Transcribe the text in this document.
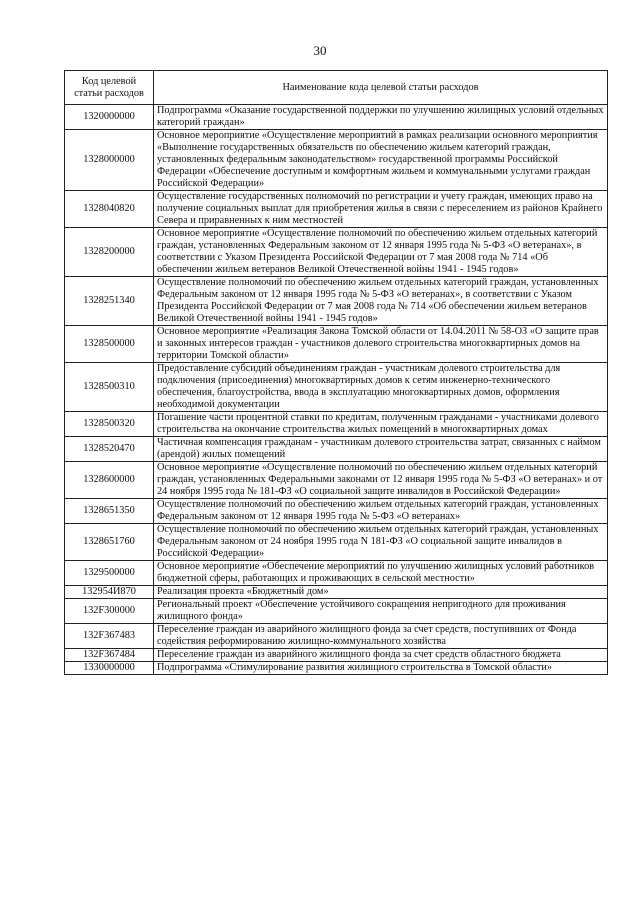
30
Код целевой статьи расходов	Наименование кода целевой статьи расходов
1320000000	Подпрограмма «Оказание государственной поддержки по улучшению жилищных условий отдельных категорий граждан»
1328000000	Основное мероприятие «Осуществление мероприятий в рамках реализации основного мероприятия «Выполнение государственных обязательств по обеспечению жильем категорий граждан, установленных федеральным законодательством» государственной программы Российской Федерации «Обеспечение доступным и комфортным жильем и коммунальными услугами граждан Российской Федерации»
1328040820	Осуществление государственных полномочий по регистрации и учету граждан, имеющих право на получение социальных выплат для приобретения жилья в связи с переселением из районов Крайнего Севера и приравненных к ним местностей
1328200000	Основное мероприятие «Осуществление полномочий по обеспечению жильем отдельных категорий граждан, установленных Федеральным законом от 12 января 1995 года № 5-ФЗ «О ветеранах», в соответствии с Указом Президента Российской Федерации от 7 мая 2008 года № 714 «Об обеспечении жильем ветеранов Великой Отечественной войны 1941 - 1945 годов»
1328251340	Осуществление полномочий по обеспечению жильем отдельных категорий граждан, установленных Федеральным законом от 12 января 1995 года № 5-ФЗ «О ветеранах», в соответствии с Указом Президента Российской Федерации от 7 мая 2008 года № 714 «Об обеспечении жильем ветеранов Великой Отечественной войны 1941 - 1945 годов»
1328500000	Основное мероприятие «Реализация Закона Томской области от 14.04.2011 № 58-ОЗ «О защите прав и законных интересов граждан - участников долевого строительства многоквартирных домов на территории Томской области»
1328500310	Предоставление субсидий объединениям граждан - участникам долевого строительства для подключения (присоединения) многоквартирных домов к сетям инженерно-технического обеспечения, благоустройства, ввода в эксплуатацию многоквартирных домов, оформления необходимой документации
1328500320	Погашение части процентной ставки по кредитам, полученным гражданами - участниками долевого строительства на окончание строительства жилых помещений в многоквартирных домах
1328520470	Частичная компенсация гражданам - участникам долевого строительства затрат, связанных с наймом (арендой) жилых помещений
1328600000	Основное мероприятие «Осуществление полномочий по обеспечению жильем отдельных категорий граждан, установленных Федеральными законами от 12 января 1995 года № 5-ФЗ «О ветеранах» и от 24 ноября 1995 года № 181-ФЗ «О социальной защите инвалидов в Российской Федерации»
1328651350	Осуществление полномочий по обеспечению жильем отдельных категорий граждан, установленных Федеральным законом от 12 января 1995 года № 5-ФЗ «О ветеранах»
1328651760	Осуществление полномочий по обеспечению жильем отдельных категорий граждан, установленных Федеральным законом от 24 ноября 1995 года N 181-ФЗ «О социальной защите инвалидов в Российской Федерации»
1329500000	Основное мероприятие «Обеспечение мероприятий по улучшению жилищных условий работников бюджетной сферы, работающих и проживающих в сельской местности»
132954И870	Реализация проекта «Бюджетный дом»
132F300000	Региональный проект «Обеспечение устойчивого сокращения непригодного для проживания жилищного фонда»
132F367483	Переселение граждан из аварийного жилищного фонда за счет средств, поступивших от Фонда содействия реформированию жилищно-коммунального хозяйства
132F367484	Переселение граждан из аварийного жилищного фонда за счет средств областного бюджета
1330000000	Подпрограмма «Стимулирование развития жилищного строительства в Томской области»
